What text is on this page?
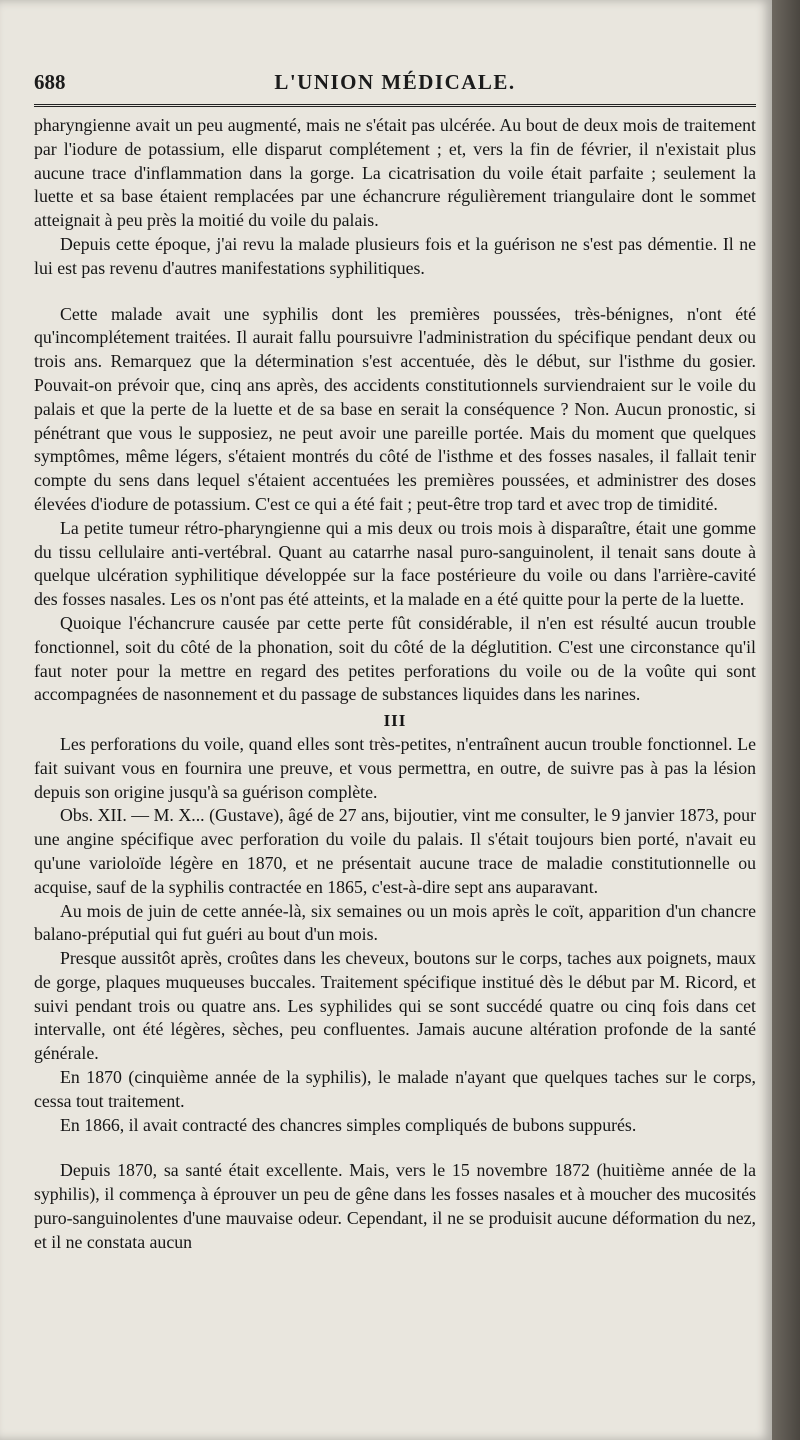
688	L'UNION MÉDICALE.

pharyngienne avait un peu augmenté, mais ne s'était pas ulcérée. Au bout de deux mois de traitement par l'iodure de potassium, elle disparut complétement ; et, vers la fin de février, il n'existait plus aucune trace d'inflammation dans la gorge. La cicatrisation du voile était parfaite ; seulement la luette et sa base étaient remplacées par une échancrure régulièrement triangulaire dont le sommet atteignait à peu près la moitié du voile du palais.

Depuis cette époque, j'ai revu la malade plusieurs fois et la guérison ne s'est pas démentie. Il ne lui est pas revenu d'autres manifestations syphilitiques.

Cette malade avait une syphilis dont les premières poussées, très-bénignes, n'ont été qu'incomplétement traitées. Il aurait fallu poursuivre l'administration du spécifique pendant deux ou trois ans. Remarquez que la détermination s'est accentuée, dès le début, sur l'isthme du gosier. Pouvait-on prévoir que, cinq ans après, des accidents constitutionnels surviendraient sur le voile du palais et que la perte de la luette et de sa base en serait la conséquence ? Non. Aucun pronostic, si pénétrant que vous le supposiez, ne peut avoir une pareille portée. Mais du moment que quelques symptômes, même légers, s'étaient montrés du côté de l'isthme et des fosses nasales, il fallait tenir compte du sens dans lequel s'étaient accentuées les premières poussées, et administrer des doses élevées d'iodure de potassium. C'est ce qui a été fait ; peut-être trop tard et avec trop de timidité.

La petite tumeur rétro-pharyngienne qui a mis deux ou trois mois à disparaître, était une gomme du tissu cellulaire anti-vertébral. Quant au catarrhe nasal puro-sanguinolent, il tenait sans doute à quelque ulcération syphilitique développée sur la face postérieure du voile ou dans l'arrière-cavité des fosses nasales. Les os n'ont pas été atteints, et la malade en a été quitte pour la perte de la luette.

Quoique l'échancrure causée par cette perte fût considérable, il n'en est résulté aucun trouble fonctionnel, soit du côté de la phonation, soit du côté de la déglutition. C'est une circonstance qu'il faut noter pour la mettre en regard des petites perforations du voile ou de la voûte qui sont accompagnées de nasonnement et du passage de substances liquides dans les narines.

III

Les perforations du voile, quand elles sont très-petites, n'entraînent aucun trouble fonctionnel. Le fait suivant vous en fournira une preuve, et vous permettra, en outre, de suivre pas à pas la lésion depuis son origine jusqu'à sa guérison complète.

Obs. XII. — M. X... (Gustave), âgé de 27 ans, bijoutier, vint me consulter, le 9 janvier 1873, pour une angine spécifique avec perforation du voile du palais. Il s'était toujours bien porté, n'avait eu qu'une varioloïde légère en 1870, et ne présentait aucune trace de maladie constitutionnelle ou acquise, sauf de la syphilis contractée en 1865, c'est-à-dire sept ans auparavant.

Au mois de juin de cette année-là, six semaines ou un mois après le coït, apparition d'un chancre balano-préputial qui fut guéri au bout d'un mois.

Presque aussitôt après, croûtes dans les cheveux, boutons sur le corps, taches aux poignets, maux de gorge, plaques muqueuses buccales. Traitement spécifique institué dès le début par M. Ricord, et suivi pendant trois ou quatre ans. Les syphilides qui se sont succédé quatre ou cinq fois dans cet intervalle, ont été légères, sèches, peu confluentes. Jamais aucune altération profonde de la santé générale.

En 1870 (cinquième année de la syphilis), le malade n'ayant que quelques taches sur le corps, cessa tout traitement.

En 1866, il avait contracté des chancres simples compliqués de bubons suppurés.

Depuis 1870, sa santé était excellente. Mais, vers le 15 novembre 1872 (huitième année de la syphilis), il commença à éprouver un peu de gêne dans les fosses nasales et à moucher des mucosités puro-sanguinolentes d'une mauvaise odeur. Cependant, il ne se produisit aucune déformation du nez, et il ne constata aucun
